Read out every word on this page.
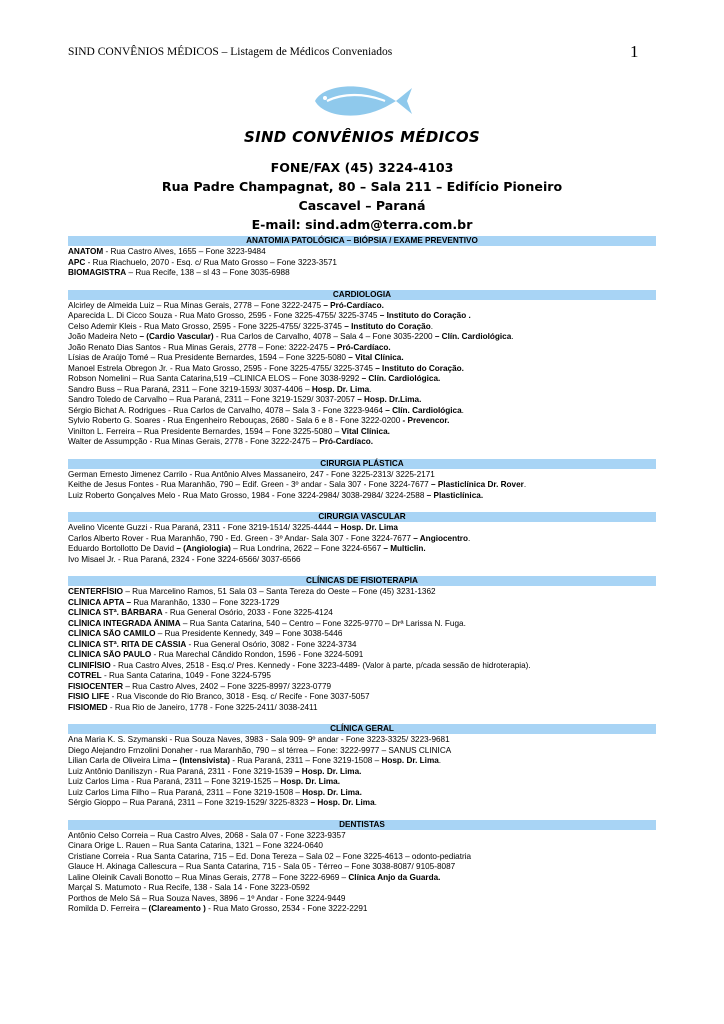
SIND CONVÊNIOS MÉDICOS – Listagem de Médicos Conveniados	1
SIND CONVÊNIOS MÉDICOS
FONE/FAX (45) 3224-4103
Rua Padre Champagnat, 80 – Sala 211 – Edifício Pioneiro
Cascavel – Paraná
E-mail: sind.adm@terra.com.br
ANATOMIA PATOLÓGICA – BIÓPSIA / EXAME PREVENTIVO
ANATOM - Rua Castro Alves, 1655 – Fone 3223-9484
APC - Rua Riachuelo, 2070 - Esq. c/ Rua Mato Grosso – Fone 3223-3571
BIOMAGISTRA – Rua Recife, 138 – sl 43 – Fone 3035-6988
CARDIOLOGIA
Alcirley de Almeida Luiz – Rua Minas Gerais, 2778 – Fone 3222-2475 – Pró-Cardíaco.
Aparecida L. Di Cicco Souza - Rua Mato Grosso, 2595 - Fone 3225-4755/ 3225-3745 – Instituto do Coração .
Celso Ademir Kleis - Rua Mato Grosso, 2595 - Fone 3225-4755/ 3225-3745 – Instituto do Coração.
João Madeira Neto – (Cardio Vascular) - Rua Carlos de Carvalho, 4078 – Sala 4 – Fone 3035-2200 – Clín. Cardiológica.
João Renato Dias Santos - Rua Minas Gerais, 2778 – Fone: 3222-2475 – Pró-Cardíaco.
Lísias de Araújo Tomé – Rua Presidente Bernardes, 1594 – Fone 3225-5080 – Vital Clínica.
Manoel Estrela Obregon Jr. - Rua Mato Grosso, 2595 - Fone 3225-4755/ 3225-3745 – Instituto do Coração.
Robson Nomelini – Rua Santa Catarina,519 –CLINICA ELOS – Fone 3038-9292 – Clín. Cardiológica.
Sandro Buss – Rua Paraná, 2311 – Fone 3219-1593/ 3037-4406 – Hosp. Dr. Lima.
Sandro Toledo de Carvalho – Rua Paraná, 2311 – Fone 3219-1529/ 3037-2057 – Hosp. Dr.Lima.
Sérgio Bichat A. Rodrigues - Rua Carlos de Carvalho, 4078 – Sala 3 - Fone 3223-9464 – Clín. Cardiológica.
Sylvio Roberto G. Soares - Rua Engenheiro Rebouças, 2680 - Sala 6 e 8 - Fone 3222-0200 - Prevencor.
Vinilton L. Ferreira – Rua Presidente Bernardes, 1594 – Fone 3225-5080 – Vital Clínica.
Walter de Assumpção - Rua Minas Gerais, 2778 - Fone 3222-2475 – Pró-Cardíaco.
CIRURGIA PLÁSTICA
German Ernesto Jimenez Carrilo - Rua Antônio Alves Massaneiro, 247 - Fone 3225-2313/ 3225-2171
Keithe de Jesus Fontes - Rua Maranhão, 790 – Edif. Green - 3º andar - Sala 307 - Fone 3224-7677 – Plasticlínica Dr. Rover.
Luiz Roberto Gonçalves Melo - Rua Mato Grosso, 1984 - Fone 3224-2984/ 3038-2984/ 3224-2588 – Plasticlínica.
CIRURGIA VASCULAR
Avelino Vicente Guzzi - Rua Paraná, 2311 - Fone 3219-1514/ 3225-4444 – Hosp. Dr. Lima
Carlos Alberto Rover - Rua Maranhão, 790 - Ed. Green - 3º Andar- Sala 307 - Fone 3224-7677 – Angiocentro.
Eduardo Bortollotto De David – (Angiologia) – Rua Londrina, 2622 – Fone 3224-6567 – Multiclin.
Ivo Misael Jr. - Rua Paraná, 2324 - Fone 3224-6566/ 3037-6566
CLÍNICAS DE FISIOTERAPIA
CENTERFÍSIO – Rua Marcelino Ramos, 51 Sala 03 – Santa Tereza do Oeste – Fone (45) 3231-1362
CLÍNICA APTA – Rua Maranhão, 1330 – Fone 3223-1729
CLÍNICA STª. BÁRBARA - Rua General Osório, 2033 - Fone 3225-4124
CLÍNICA INTEGRADA ÂNIMA – Rua Santa Catarina, 540 – Centro – Fone 3225-9770 – Drª Larissa N. Fuga.
CLÍNICA SÃO CAMILO – Rua Presidente Kennedy, 349 – Fone 3038-5446
CLÍNICA STª. RITA DE CÁSSIA - Rua General Osório, 3082 - Fone 3224-3734
CLÍNICA SÃO PAULO - Rua Marechal Cândido Rondon, 1596 - Fone 3224-5091
CLINIFÍSIO - Rua Castro Alves, 2518 - Esq.c/ Pres. Kennedy - Fone 3223-4489- (Valor à parte, p/cada sessão de hidroterapia).
COTREL - Rua Santa Catarina, 1049 - Fone 3224-5795
FISIOCENTER – Rua Castro Alves, 2402 – Fone 3225-8997/ 3223-0779
FISIO LIFE - Rua Visconde do Rio Branco, 3018 - Esq. c/ Recife - Fone 3037-5057
FISIOMED - Rua Rio de Janeiro, 1778 - Fone 3225-2411/ 3038-2411
CLÍNICA GERAL
Ana Maria K. S. Szymanski - Rua Souza Naves, 3983 - Sala 909- 9º andar - Fone 3223-3325/ 3223-9681
Diego Alejandro Frnzolini Donaher - rua Maranhão, 790 – sl térrea – Fone: 3222-9977 – SANUS CLINICA
Lilian Carla de Oliveira Lima – (Intensivista) - Rua Paraná, 2311 – Fone 3219-1508 – Hosp. Dr. Lima.
Luiz Antônio Daniliszyn - Rua Paraná, 2311 - Fone 3219-1539 – Hosp. Dr. Lima.
Luiz Carlos Lima - Rua Paraná, 2311 – Fone 3219-1525 – Hosp. Dr. Lima.
Luiz Carlos Lima Filho – Rua Paraná, 2311 – Fone 3219-1508 – Hosp. Dr. Lima.
Sérgio Gioppo – Rua Paraná, 2311 – Fone 3219-1529/ 3225-8323 – Hosp. Dr. Lima.
DENTISTAS
Antônio Celso Correia – Rua Castro Alves, 2068 - Sala 07 - Fone 3223-9357
Cinara Orige L. Rauen – Rua Santa Catarina, 1321 – Fone 3224-0640
Cristiane Correia - Rua Santa Catarina, 715 – Ed. Dona Tereza – Sala 02 – Fone 3225-4613 – odonto-pediatria
Glauce H. Akinaga Callescura – Rua Santa Catarina, 715 - Sala 05 - Térreo – Fone 3038-8087/ 9105-8087
Laline Oleinik Cavali Bonotto – Rua Minas Gerais, 2778 – Fone 3222-6969 – Clínica Anjo da Guarda.
Marçal S. Matumoto - Rua Recife, 138 - Sala 14 - Fone 3223-0592
Porthos de Melo Sá – Rua Souza Naves, 3896 – 1º Andar - Fone 3224-9449
Romilda D. Ferreira – (Clareamento ) - Rua Mato Grosso, 2534 - Fone 3222-2291
